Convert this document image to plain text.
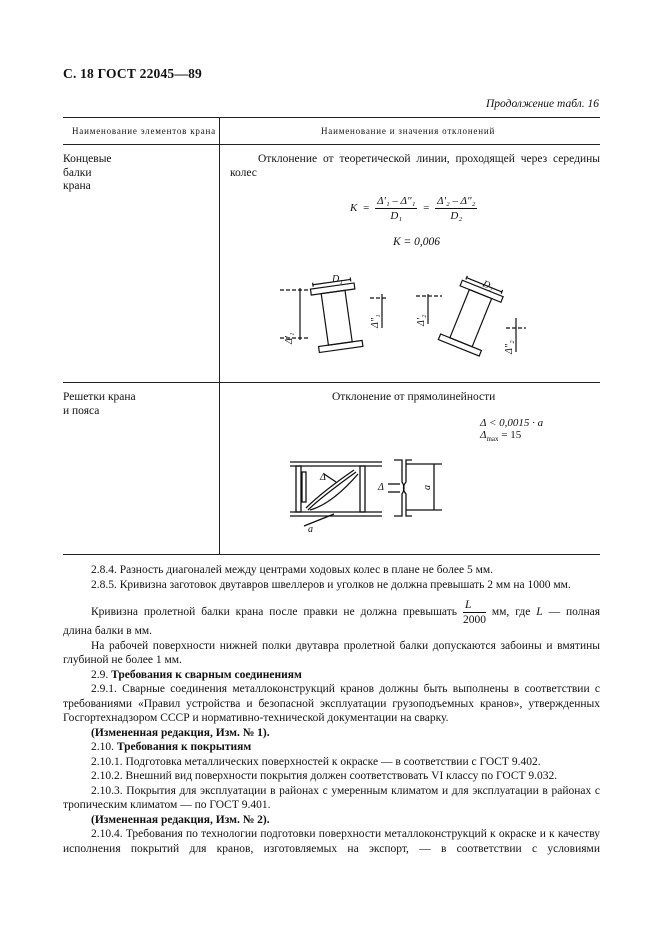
С. 18 ГОСТ 22045—89
Продолжение табл. 16
Наименование элементов крана	Наименование и значения отклонений
Концевые
балки
крана
Отклонение от теоретической линии, проходящей через середины колес
$K = \frac{\text{Δ'₁ – Δ"₁}}{\text{D₁}} = \frac{\text{Δ'₂ – Δ"₂}}{\text{D₂}}$
K = 0,006
D₁	D₂
Δ'₁
Δ"₁	Δ'₂
Δ"₂
Решетки крана
и пояса
Отклонение от прямолинейности
Δ < 0,0015 · a
$\Delta_{max} = 15$
Δ
a
Δ	a
2.8.4. Разность диагоналей между центрами ходовых колес в плане не более 5 мм.
2.8.5. Кривизна заготовок двутавров швеллеров и уголков не должна превышать 2 мм на 1000 мм.
Кривизна пролетной балки крана после правки не должна превышать $\frac{L}{2000}$ мм, где L — полная
длина балки в мм.
На рабочей поверхности нижней полки двутавра пролетной балки допускаются забоины и вмятины глубиной не более 1 мм.
2.9. Требования к сварным соединениям
2.9.1. Сварные соединения металлоконструкций кранов должны быть выполнены в соответствии с требованиями «Правил устройства и безопасной эксплуатации грузоподъемных кранов», утвержденных Госгортехнадзором СССР и нормативно-технической документации на сварку.
(Измененная редакция, Изм. № 1).
2.10. Требования к покрытиям
2.10.1. Подготовка металлических поверхностей к окраске — в соответствии с ГОСТ 9.402.
2.10.2. Внешний вид поверхности покрытия должен соответствовать VI классу по ГОСТ 9.032.
2.10.3. Покрытия для эксплуатации в районах с умеренным климатом и для эксплуатации в районах с тропическим климатом — по ГОСТ 9.401.
(Измененная редакция, Изм. № 2).
2.10.4. Требования по технологии подготовки поверхности металлоконструкций к окраске и к качеству исполнения покрытий для кранов, изготовляемых на экспорт, — в соответствии с условиями
